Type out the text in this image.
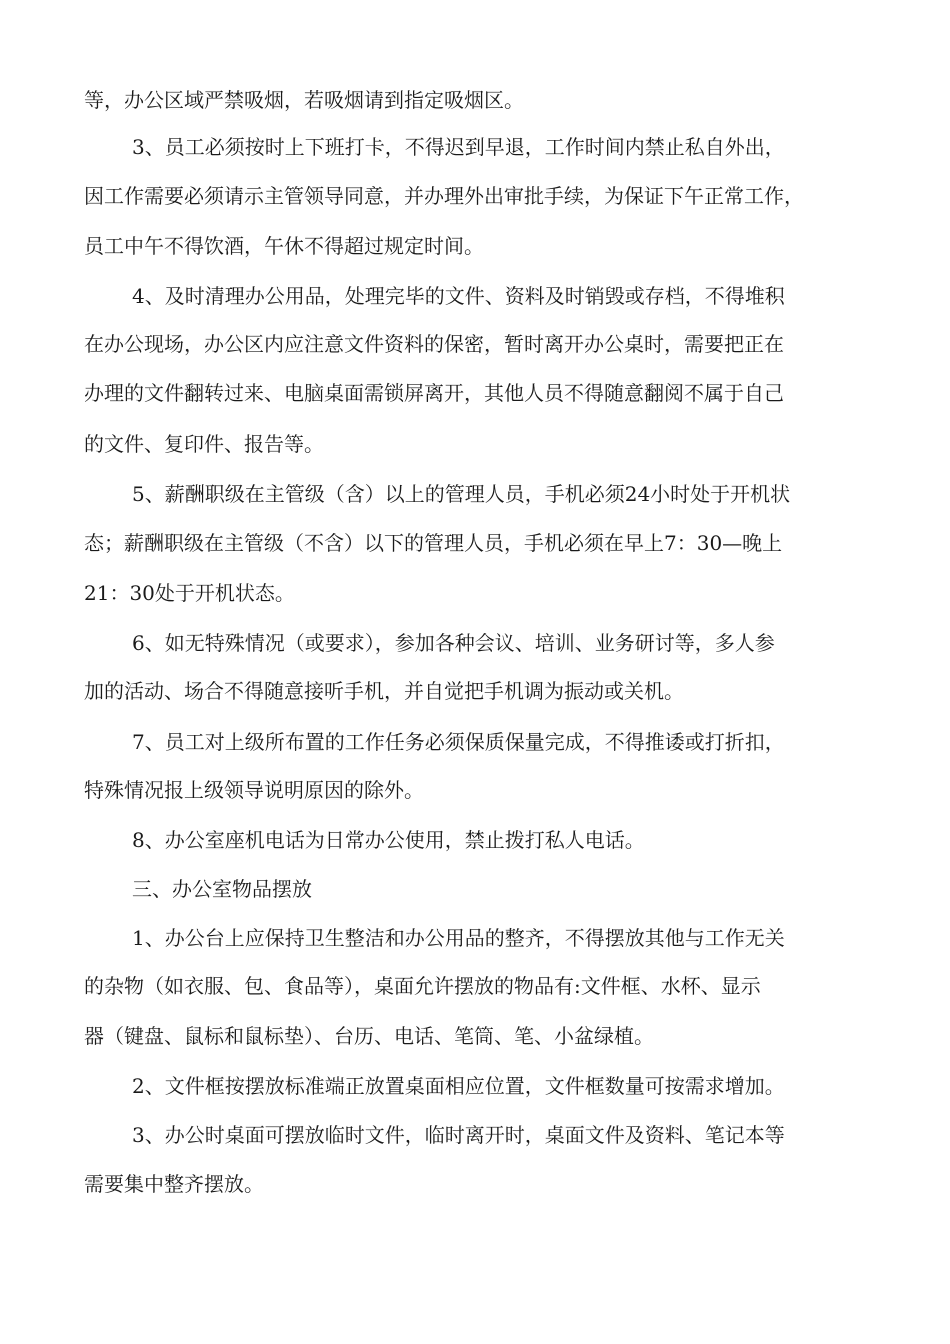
等，办公区域严禁吸烟，若吸烟请到指定吸烟区。
3、员工必须按时上下班打卡，不得迟到早退，工作时间内禁止私自外出，
因工作需要必须请示主管领导同意，并办理外出审批手续，为保证下午正常工作，
员工中午不得饮酒，午休不得超过规定时间。
4、及时清理办公用品，处理完毕的文件、资料及时销毁或存档，不得堆积
在办公现场，办公区内应注意文件资料的保密，暂时离开办公桌时，需要把正在
办理的文件翻转过来、电脑桌面需锁屏离开，其他人员不得随意翻阅不属于自己
的文件、复印件、报告等。
5、薪酬职级在主管级（含）以上的管理人员，手机必须24小时处于开机状
态；薪酬职级在主管级（不含）以下的管理人员，手机必须在早上7：30—晚上
21：30处于开机状态。
6、如无特殊情况（或要求），参加各种会议、培训、业务研讨等，多人参
加的活动、场合不得随意接听手机，并自觉把手机调为振动或关机。
7、员工对上级所布置的工作任务必须保质保量完成，不得推诿或打折扣，
特殊情况报上级领导说明原因的除外。
8、办公室座机电话为日常办公使用，禁止拨打私人电话。
三、办公室物品摆放
1、办公台上应保持卫生整洁和办公用品的整齐，不得摆放其他与工作无关
的杂物（如衣服、包、食品等），桌面允许摆放的物品有:文件框、水杯、显示
器（键盘、鼠标和鼠标垫）、台历、电话、笔筒、笔、小盆绿植。
2、文件框按摆放标准端正放置桌面相应位置，文件框数量可按需求增加。
3、办公时桌面可摆放临时文件，临时离开时，桌面文件及资料、笔记本等
需要集中整齐摆放。
